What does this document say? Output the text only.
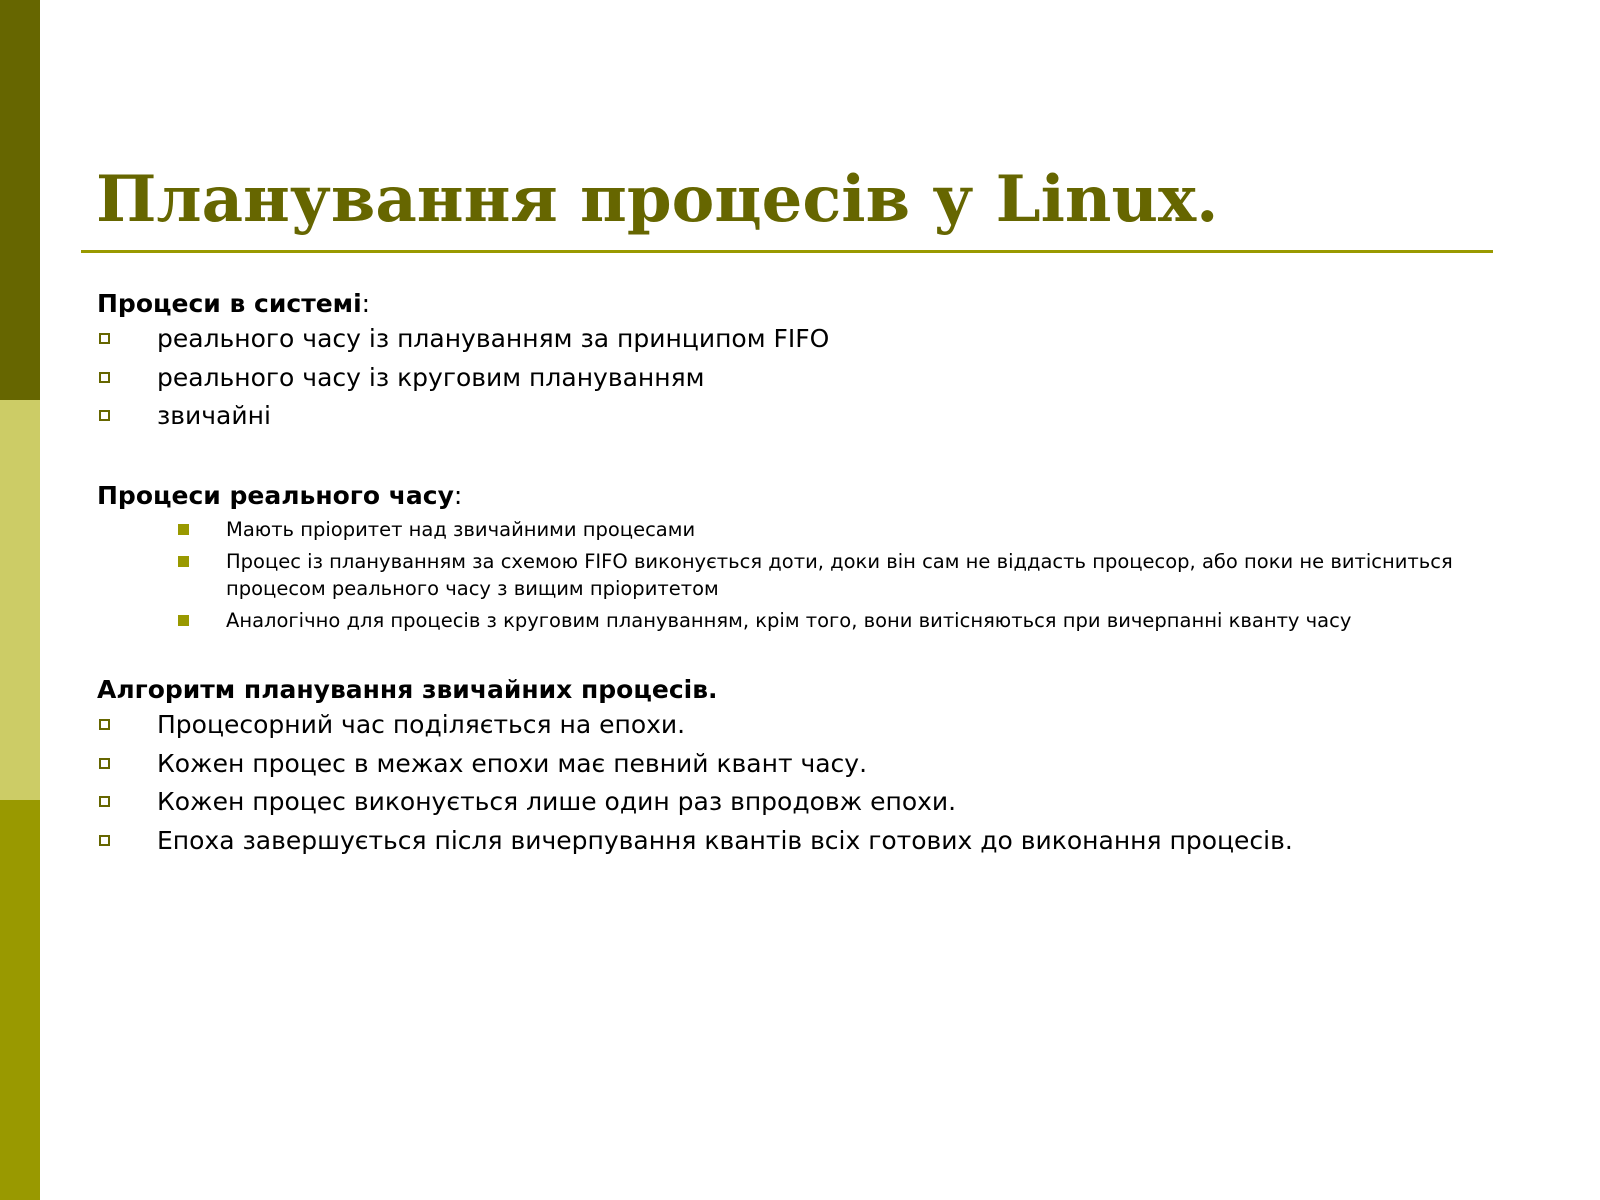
Планування процесів у Linux.
Процеси в системі:
реального часу із плануванням за принципом FIFO
реального часу із круговим плануванням
звичайні
Процеси реального часу:
Мають пріоритет над звичайними процесами
Процес із плануванням за схемою FIFO виконується доти, доки він сам не віддасть процесор, або поки не витісниться процесом реального часу з вищим пріоритетом
Аналогічно для процесів з круговим плануванням, крім того, вони витісняються при вичерпанні кванту часу
Алгоритм планування звичайних процесів.
Процесорний час поділяється на епохи.
Кожен процес в межах епохи має певний квант часу.
Кожен процес виконується лише один раз впродовж епохи.
Епоха завершується після вичерпування квантів всіх готових до виконання процесів.
